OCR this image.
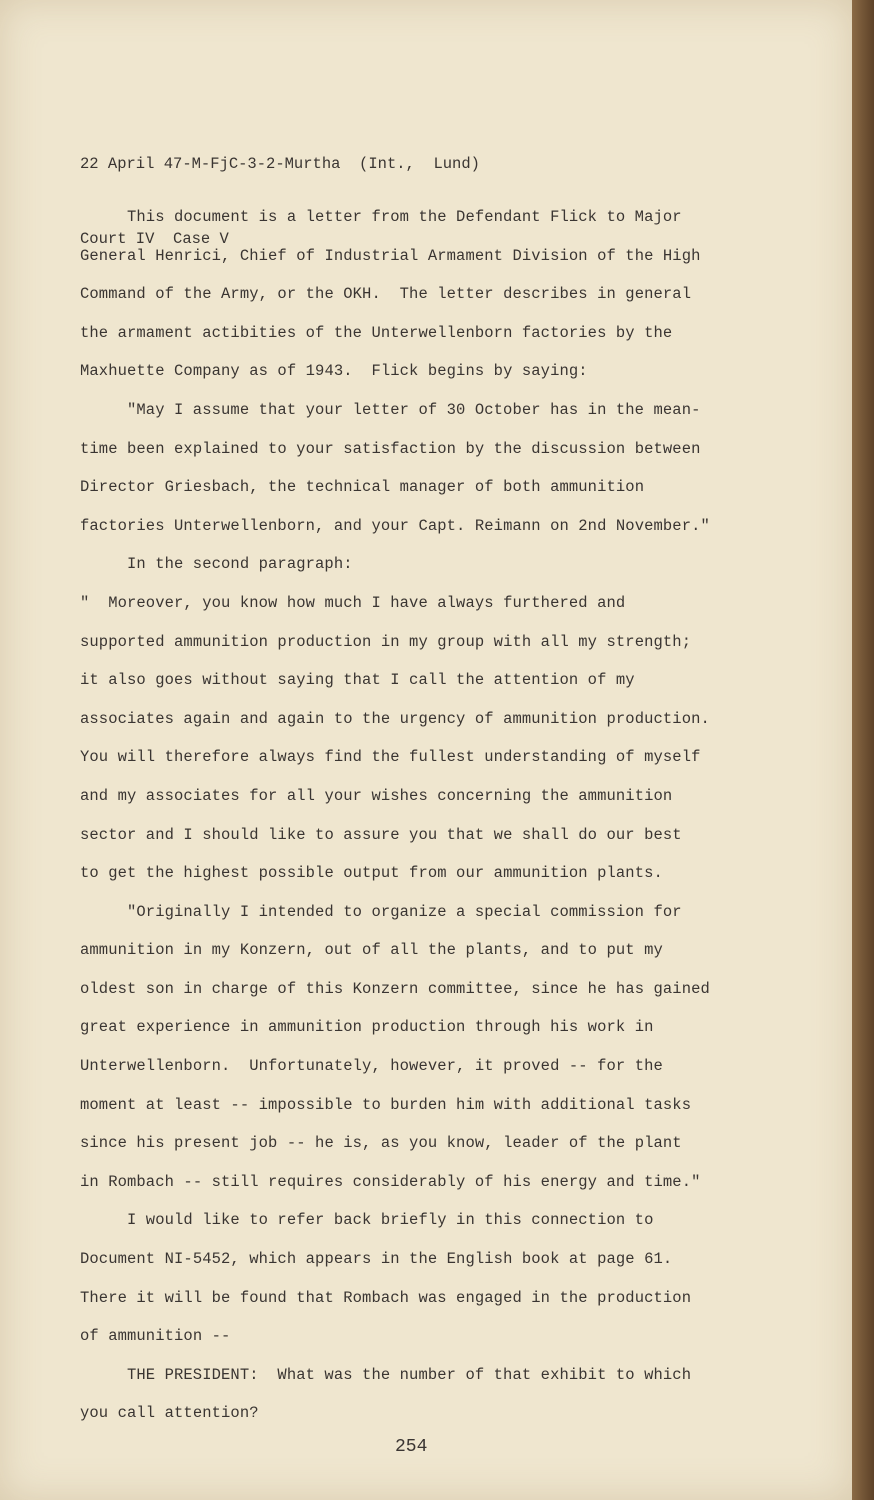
22 April 47-M-FjC-3-2-Murtha  (Int.,  Lund)

Court IV  Case V

This document is a letter from the Defendant Flick to Major
General Henrici, Chief of Industrial Armament Division of the High
Command of the Army, or the OKH.  The letter describes in general
the armament actibities of the Unterwellenborn factories by the
Maxhuette Company as of 1943.  Flick begins by saying:
"May I assume that your letter of 30 October has in the mean-
time been explained to your satisfaction by the discussion between
Director Griesbach, the technical manager of both ammunition
factories Unterwellenborn, and your Capt. Reimann on 2nd November."
In the second paragraph:
"  Moreover, you know how much I have always furthered and
supported ammunition production in my group with all my strength;
it also goes without saying that I call the attention of my
associates again and again to the urgency of ammunition production.
You will therefore always find the fullest understanding of myself
and my associates for all your wishes concerning the ammunition
sector and I should like to assure you that we shall do our best
to get the highest possible output from our ammunition plants.
"Originally I intended to organize a special commission for
ammunition in my Konzern, out of all the plants, and to put my
oldest son in charge of this Konzern committee, since he has gained
great experience in ammunition production through his work in
Unterwellenborn.  Unfortunately, however, it proved -- for the
moment at least -- impossible to burden him with additional tasks
since his present job -- he is, as you know, leader of the plant
in Rombach -- still requires considerably of his energy and time."
I would like to refer back briefly in this connection to
Document NI-5452, which appears in the English book at page 61.
There it will be found that Rombach was engaged in the production
of ammunition --
THE PRESIDENT:  What was the number of that exhibit to which
you call attention?
254
